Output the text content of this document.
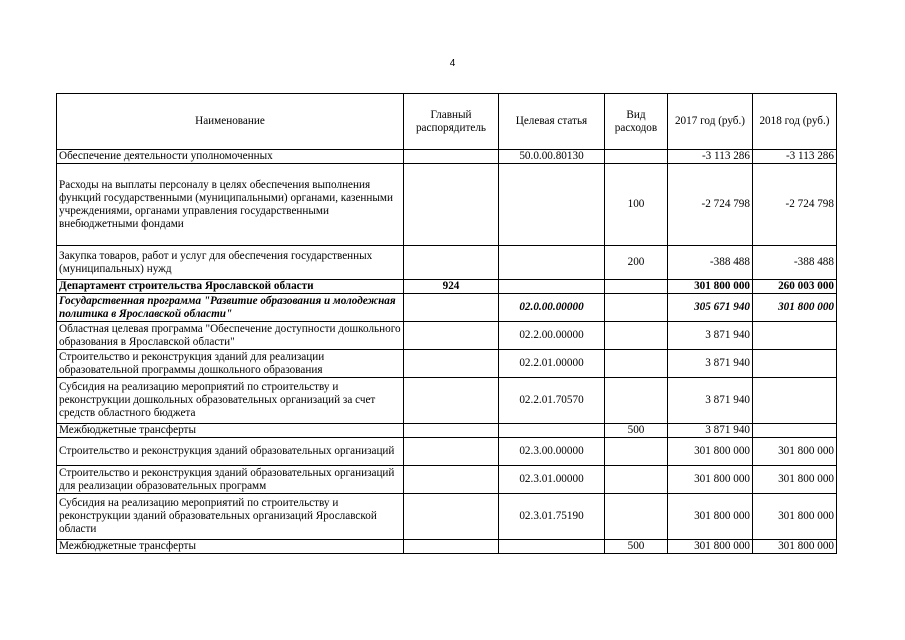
4
Наименование	Главный распорядитель	Целевая статья	Вид расходов	2017 год (руб.)	2018 год (руб.)
Обеспечение деятельности уполномоченных		50.0.00.80130		-3 113 286	-3 113 286
Расходы на выплаты персоналу в целях обеспечения выполнения функций государственными (муниципальными) органами, казенными учреждениями, органами управления государственными внебюджетными фондами			100	-2 724 798	-2 724 798
Закупка товаров, работ и услуг для обеспечения государственных (муниципальных) нужд			200	-388 488	-388 488
Департамент строительства Ярославской области	924			301 800 000	260 003 000
Государственная программа "Развитие образования и молодежная политика в Ярославской области"		02.0.00.00000		305 671 940	301 800 000
Областная целевая программа "Обеспечение доступности дошкольного образования в Ярославской области"		02.2.00.00000		3 871 940	
Строительство и реконструкция зданий для реализации образовательной программы дошкольного образования		02.2.01.00000		3 871 940	
Субсидия на реализацию мероприятий по строительству и реконструкции дошкольных образовательных организаций за счет средств областного бюджета		02.2.01.70570		3 871 940	
Межбюджетные трансферты			500	3 871 940	
Строительство и реконструкция зданий образовательных организаций		02.3.00.00000		301 800 000	301 800 000
Строительство и реконструкция зданий образовательных организаций для реализации образовательных программ		02.3.01.00000		301 800 000	301 800 000
Субсидия на реализацию мероприятий по строительству и реконструкции зданий образовательных организаций Ярославской области		02.3.01.75190		301 800 000	301 800 000
Межбюджетные трансферты			500	301 800 000	301 800 000
